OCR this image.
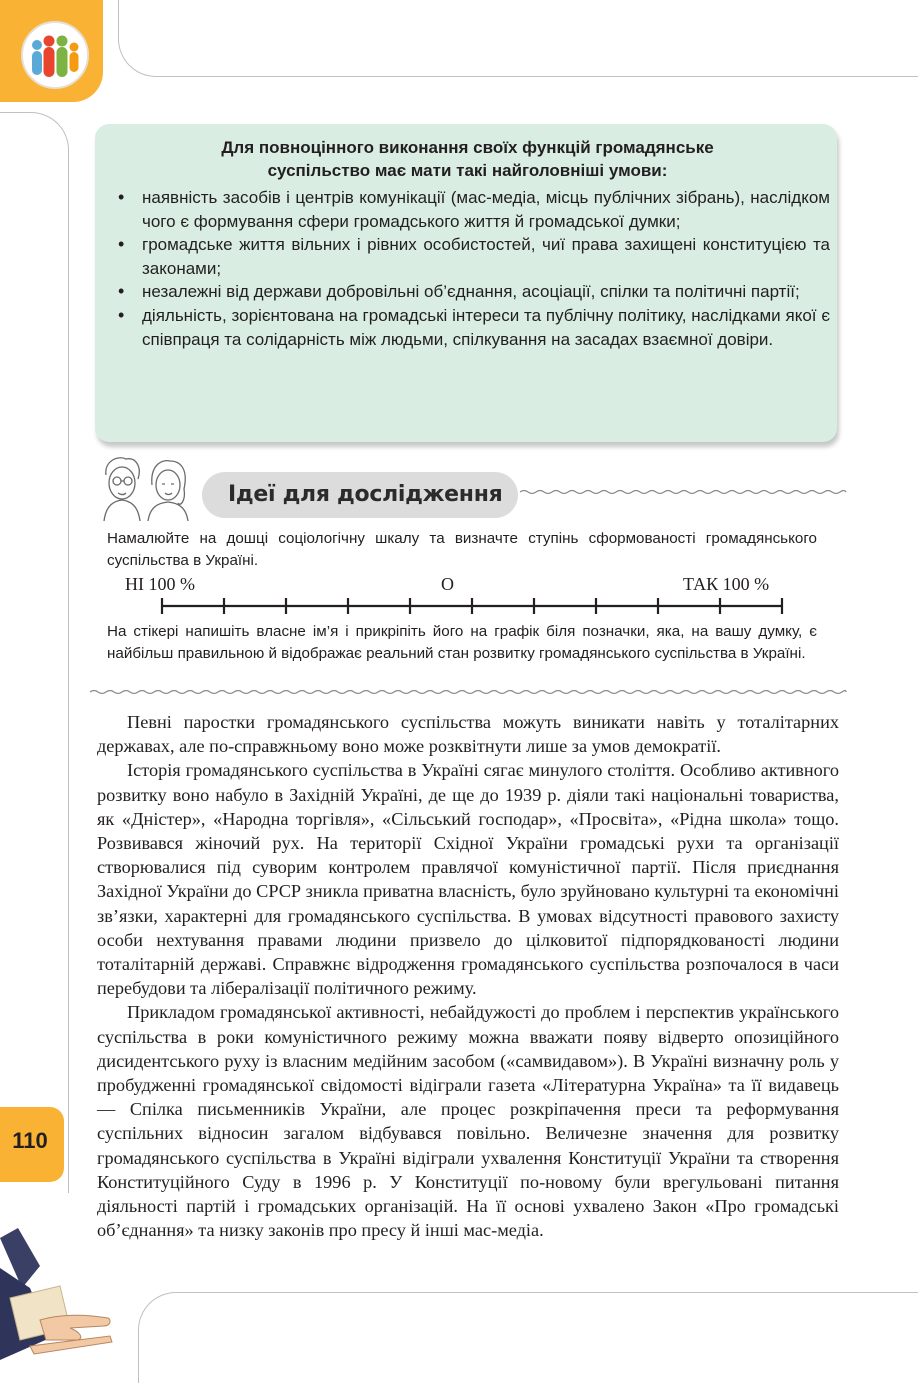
110
Для повноцінного виконання своїх функцій громадянське
суспільство має мати такі найголовніші умови:
• наявність засобів і центрів комунікації (мас-медіа, місць публічних зібрань), наслідком чого є формування сфери громадського життя й громадської думки;
• громадське життя вільних і рівних особистостей, чиї права захищені конституцією та законами;
• незалежні від держави добровільні об’єднання, асоціації, спілки та політичні партії;
• діяльність, зорієнтована на громадські інтереси та публічну політику, наслідками якої є співпраця та солідарність між людьми, спілкування на засадах взаємної довіри.
Ідеї для дослідження
Намалюйте на дошці соціологічну шкалу та визначте ступінь сформованості громадянського суспільства в Україні.
НІ 100 %	О	ТАК 100 %
На стікері напишіть власне ім’я і прикріпіть його на графік біля позначки, яка, на вашу думку, є найбільш правильною й відображає реальний стан розвитку громадянського суспільства в Україні.

Певні паростки громадянського суспільства можуть виникати навіть у тоталітарних державах, але по-справжньому воно може розквітнути лише за умов демократії.

Історія громадянського суспільства в Україні сягає минулого століття. Особливо активного розвитку воно набуло в Західній Україні, де ще до 1939 р. діяли такі національні товариства, як «Дністер», «Народна торгівля», «Сільський господар», «Просвіта», «Рідна школа» тощо. Розвивався жіночий рух. На території Східної України громадські рухи та організації створювалися під суворим контролем правлячої комуністичної партії. Після приєднання Західної України до СРСР зникла приватна власність, було зруйновано культурні та економічні зв’язки, характерні для громадянського суспільства. В умовах відсутності правового захисту особи нехтування правами людини призвело до цілковитої підпорядкованості людини тоталітарній державі. Справжнє відродження громадянського суспільства розпочалося в часи перебудови та лібералізації політичного режиму.

Прикладом громадянської активності, небайдужості до проблем і перспектив українського суспільства в роки комуністичного режиму можна вважати появу відверто опозиційного дисидентського руху із власним медійним засобом («самвидавом»). В Україні визначну роль у пробудженні громадянської свідомості відіграли газета «Літературна Україна» та її видавець — Спілка письменників України, але процес розкріпачення преси та реформування суспільних відносин загалом відбувався повільно. Величезне значення для розвитку громадянського суспільства в Україні відіграли ухвалення Конституції України та створення Конституційного Суду в 1996 р. У Конституції по-новому були врегульовані питання діяльності партій і громадських організацій. На її основі ухвалено Закон «Про громадські об’єднання» та низку законів про пресу й інші мас-медіа.
